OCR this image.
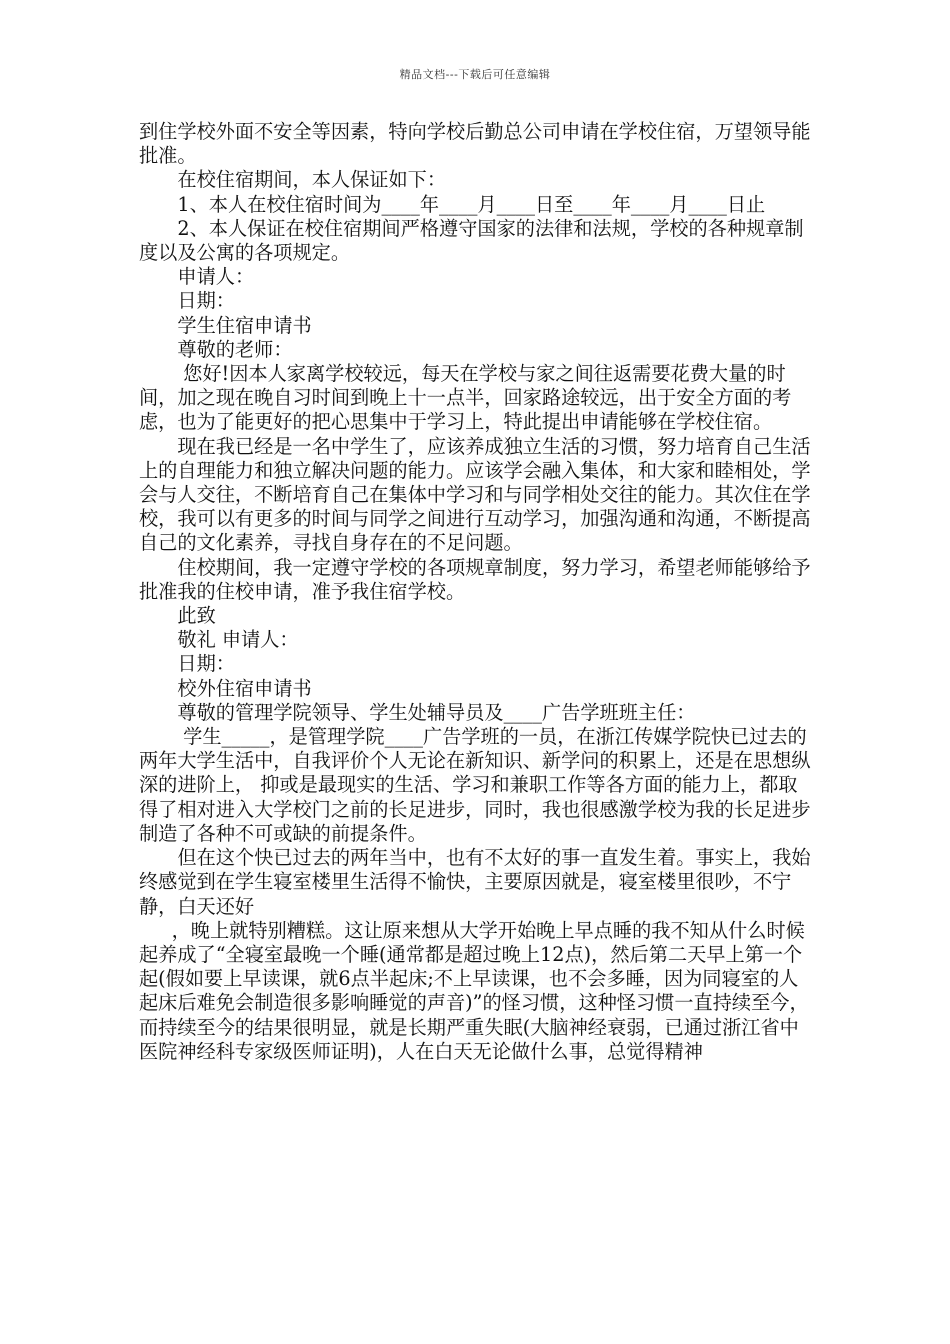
精品文档---下载后可任意编辑

到住学校外面不安全等因素，特向学校后勤总公司申请在学校住宿，万望领导能批准。

在校住宿期间，本人保证如下：

1、本人在校住宿时间为____年____月____日至____年____月____日止

2、本人保证在校住宿期间严格遵守国家的法律和法规，学校的各种规章制度以及公寓的各项规定。

申请人：

日期：

学生住宿申请书

尊敬的老师：

您好!因本人家离学校较远，每天在学校与家之间往返需要花费大量的时间，加之现在晚自习时间到晚上十一点半，回家路途较远，出于安全方面的考虑，也为了能更好的把心思集中于学习上，特此提出申请能够在学校住宿。

现在我已经是一名中学生了，应该养成独立生活的习惯，努力培育自己生活上的自理能力和独立解决问题的能力。应该学会融入集体，和大家和睦相处，学会与人交往，不断培育自己在集体中学习和与同学相处交往的能力。其次住在学校，我可以有更多的时间与同学之间进行互动学习，加强沟通和沟通，不断提高自己的文化素养，寻找自身存在的不足问题。

住校期间，我一定遵守学校的各项规章制度，努力学习，希望老师能够给予批准我的住校申请，准予我住宿学校。

此致

敬礼 申请人：

日期：

校外住宿申请书

尊敬的管理学院领导、学生处辅导员及____广告学班班主任：

学生_____，是管理学院____广告学班的一员，在浙江传媒学院快已过去的两年大学生活中，自我评价个人无论在新知识、新学问的积累上，还是在思想纵深的进阶上， 抑或是最现实的生活、学习和兼职工作等各方面的能力上，都取得了相对进入大学校门之前的长足进步，同时，我也很感激学校为我的长足进步制造了各种不可或缺的前提条件。

但在这个快已过去的两年当中，也有不太好的事一直发生着。事实上，我始终感觉到在学生寝室楼里生活得不愉快，主要原因就是，寝室楼里很吵，不宁静，白天还好

，晚上就特别糟糕。这让原来想从大学开始晚上早点睡的我不知从什么时候起养成了“全寝室最晚一个睡(通常都是超过晚上12点)，然后第二天早上第一个起(假如要上早读课，就6点半起床;不上早读课，也不会多睡，因为同寝室的人起床后难免会制造很多影响睡觉的声音)”的怪习惯，这种怪习惯一直持续至今，而持续至今的结果很明显，就是长期严重失眠(大脑神经衰弱，已通过浙江省中医院神经科专家级医师证明)，人在白天无论做什么事，总觉得精神
